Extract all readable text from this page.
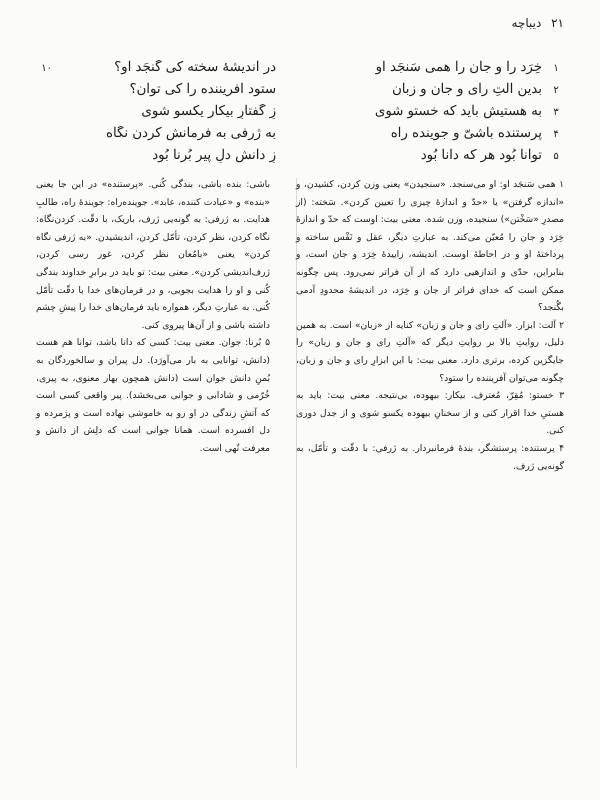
۲۱ دیباچه
۱
خِرَد را و جان را همی سَنجَد او
در اندیشهٔ سخته کی گُنجَد او؟
۱۰
۲
بدین آلتِ رای و جان و زبان
ستود آفریننده را کی توان؟
۳
به هستیش باید که خستو شوی
زِ گُفتارِ بیکار یکسو شوی
۴
پرستنده باشیّ و جوینده راه
به ژرفی به فرمانش کردن نگاه
۵
توانا بُود هر که دانا بُود
زِ دانش دلِ پیر بُرنا بُود

۱ همی سَنجَد او: او می‌سنجد. «سنجیدن» یعنی وزن کردن، کشیدن، و «اندازه گرفتن» یا «حدّ و اندازهٔ چیزی را تعیین کردن». سَخته: (از مصدرِ «سَخْتن») سنجیده، وزن شده. معنی بیت: اوست که حدّ و اندازهٔ خِرَد و جان را مُعیّن می‌کند. به عبارتِ دیگر، عقل و نَفْس ساخته و پرداختهٔ او و در احاطهٔ اوست. اندیشه، زاییدهٔ خِرَد و جان است، و بنابراین، حدّی و اندازهیی دارد که از آن فراتر نمی‌رود. پس چگونه ممکن است که خدای فراتر از جان و خِرَد، در اندیشهٔ محدودِ آدمی بگُنجد؟

۲ آلت: ابزار. «آلتِ رای و جان و زبان» کنایه از «زبان» است. به همین دلیل، روایتِ بالا بر روایتِ دیگر که «آلتِ رای و جان و زبان» را جایگزین کرده، برتری دارد. معنی بیت: با این ابزارِ رای و جان و زبان، چگونه می‌توان آفریننده را ستود؟

۳ خستو: مُقِرّ، مُعترف. بیکار: بیهوده، بی‌نتیجه. معنی بیت: باید به هستیِ خدا اقرار کنی و از سخنانِ بیهوده یکسو شوی و از جدل دوری کنی.

۴ پرستنده: پرستشگر، بندهٔ فرمانبردار. به ژرفی: با دقّت و تأمّل، به گونه‌یی ژرف.

باشی: بنده باشی، بندگی کُنی. «پرستنده» در این جا یعنی «بنده» و «عبادت کننده، عابد». جوینده‌راه: جویندهٔ راه، طالبِ هدایت. به ژرفی: به گونه‌یی ژرف، باریک، با دقّت. کردن‌نگاه: نگاه کردن، نظر کردن، تأمّل کردن، اندیشیدن. «به ژرفی نگاه کردن» یعنی «بامُعان نظر کردن، غور رسی کردن، ژرف‌اندیشی کردن». معنی بیت: تو باید در برابرِ خداوند بندگی کُنی و او را هدایت بجویی، و در فرمان‌های خدا با دقّت تأمّل کُنی. به عبارتِ دیگر، همواره باید فرمان‌های خدا را پیشِ چشم داشته باشی و از آن‌ها پیروی کنی.

۵ بُرنا: جوان. معنی بیت: کسی که دانا باشد، توانا هم هست (دانش، توانایی به بار می‌آورَد). دل پیران و سالخوردگان به بُمنِ دانش جوان است (دانش همچون بهار معنوی، به پیری، خُرّمی و شادابی و جوانی می‌بخشد). پیر واقعی کسی است که آتشِ زندگی در او رو به خاموشی نهاده است و پژمرده و دل افسرده است. همانا جوانی است که دلِش از دانش و معرفت تُهی است.
